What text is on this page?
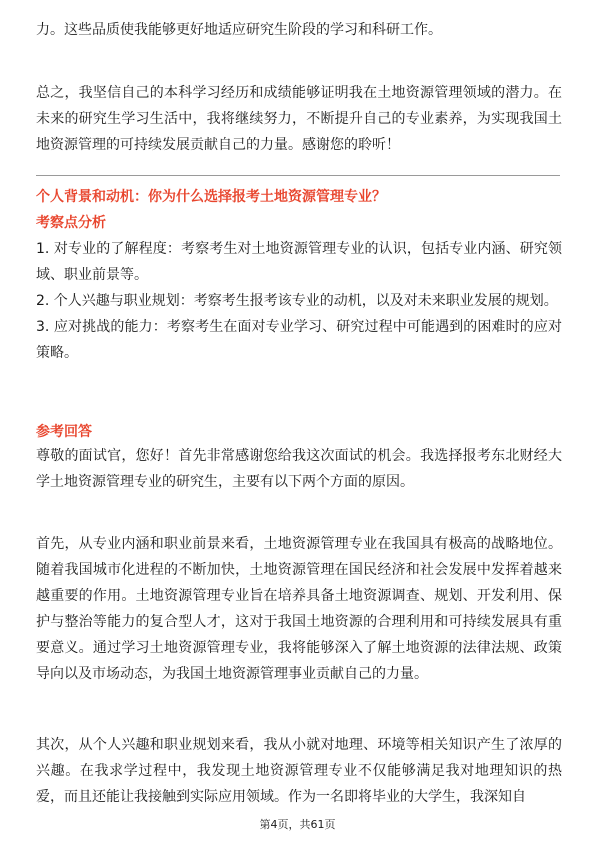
力。这些品质使我能够更好地适应研究生阶段的学习和科研工作。

总之，我坚信自己的本科学习经历和成绩能够证明我在土地资源管理领域的潜力。在未来的研究生学习生活中，我将继续努力，不断提升自己的专业素养，为实现我国土地资源管理的可持续发展贡献自己的力量。感谢您的聆听！

个人背景和动机：你为什么选择报考土地资源管理专业？

考察点分析

1. 对专业的了解程度：考察考生对土地资源管理专业的认识，包括专业内涵、研究领域、职业前景等。
2. 个人兴趣与职业规划：考察考生报考该专业的动机，以及对未来职业发展的规划。
3. 应对挑战的能力：考察考生在面对专业学习、研究过程中可能遇到的困难时的应对策略。

参考回答

尊敬的面试官，您好！首先非常感谢您给我这次面试的机会。我选择报考东北财经大学土地资源管理专业的研究生，主要有以下两个方面的原因。

首先，从专业内涵和职业前景来看，土地资源管理专业在我国具有极高的战略地位。随着我国城市化进程的不断加快，土地资源管理在国民经济和社会发展中发挥着越来越重要的作用。土地资源管理专业旨在培养具备土地资源调查、规划、开发利用、保护与整治等能力的复合型人才，这对于我国土地资源的合理利用和可持续发展具有重要意义。通过学习土地资源管理专业，我将能够深入了解土地资源的法律法规、政策导向以及市场动态，为我国土地资源管理事业贡献自己的力量。

其次，从个人兴趣和职业规划来看，我从小就对地理、环境等相关知识产生了浓厚的兴趣。在我求学过程中，我发现土地资源管理专业不仅能够满足我对地理知识的热爱，而且还能让我接触到实际应用领域。作为一名即将毕业的大学生，我深知自

第4页，共61页
